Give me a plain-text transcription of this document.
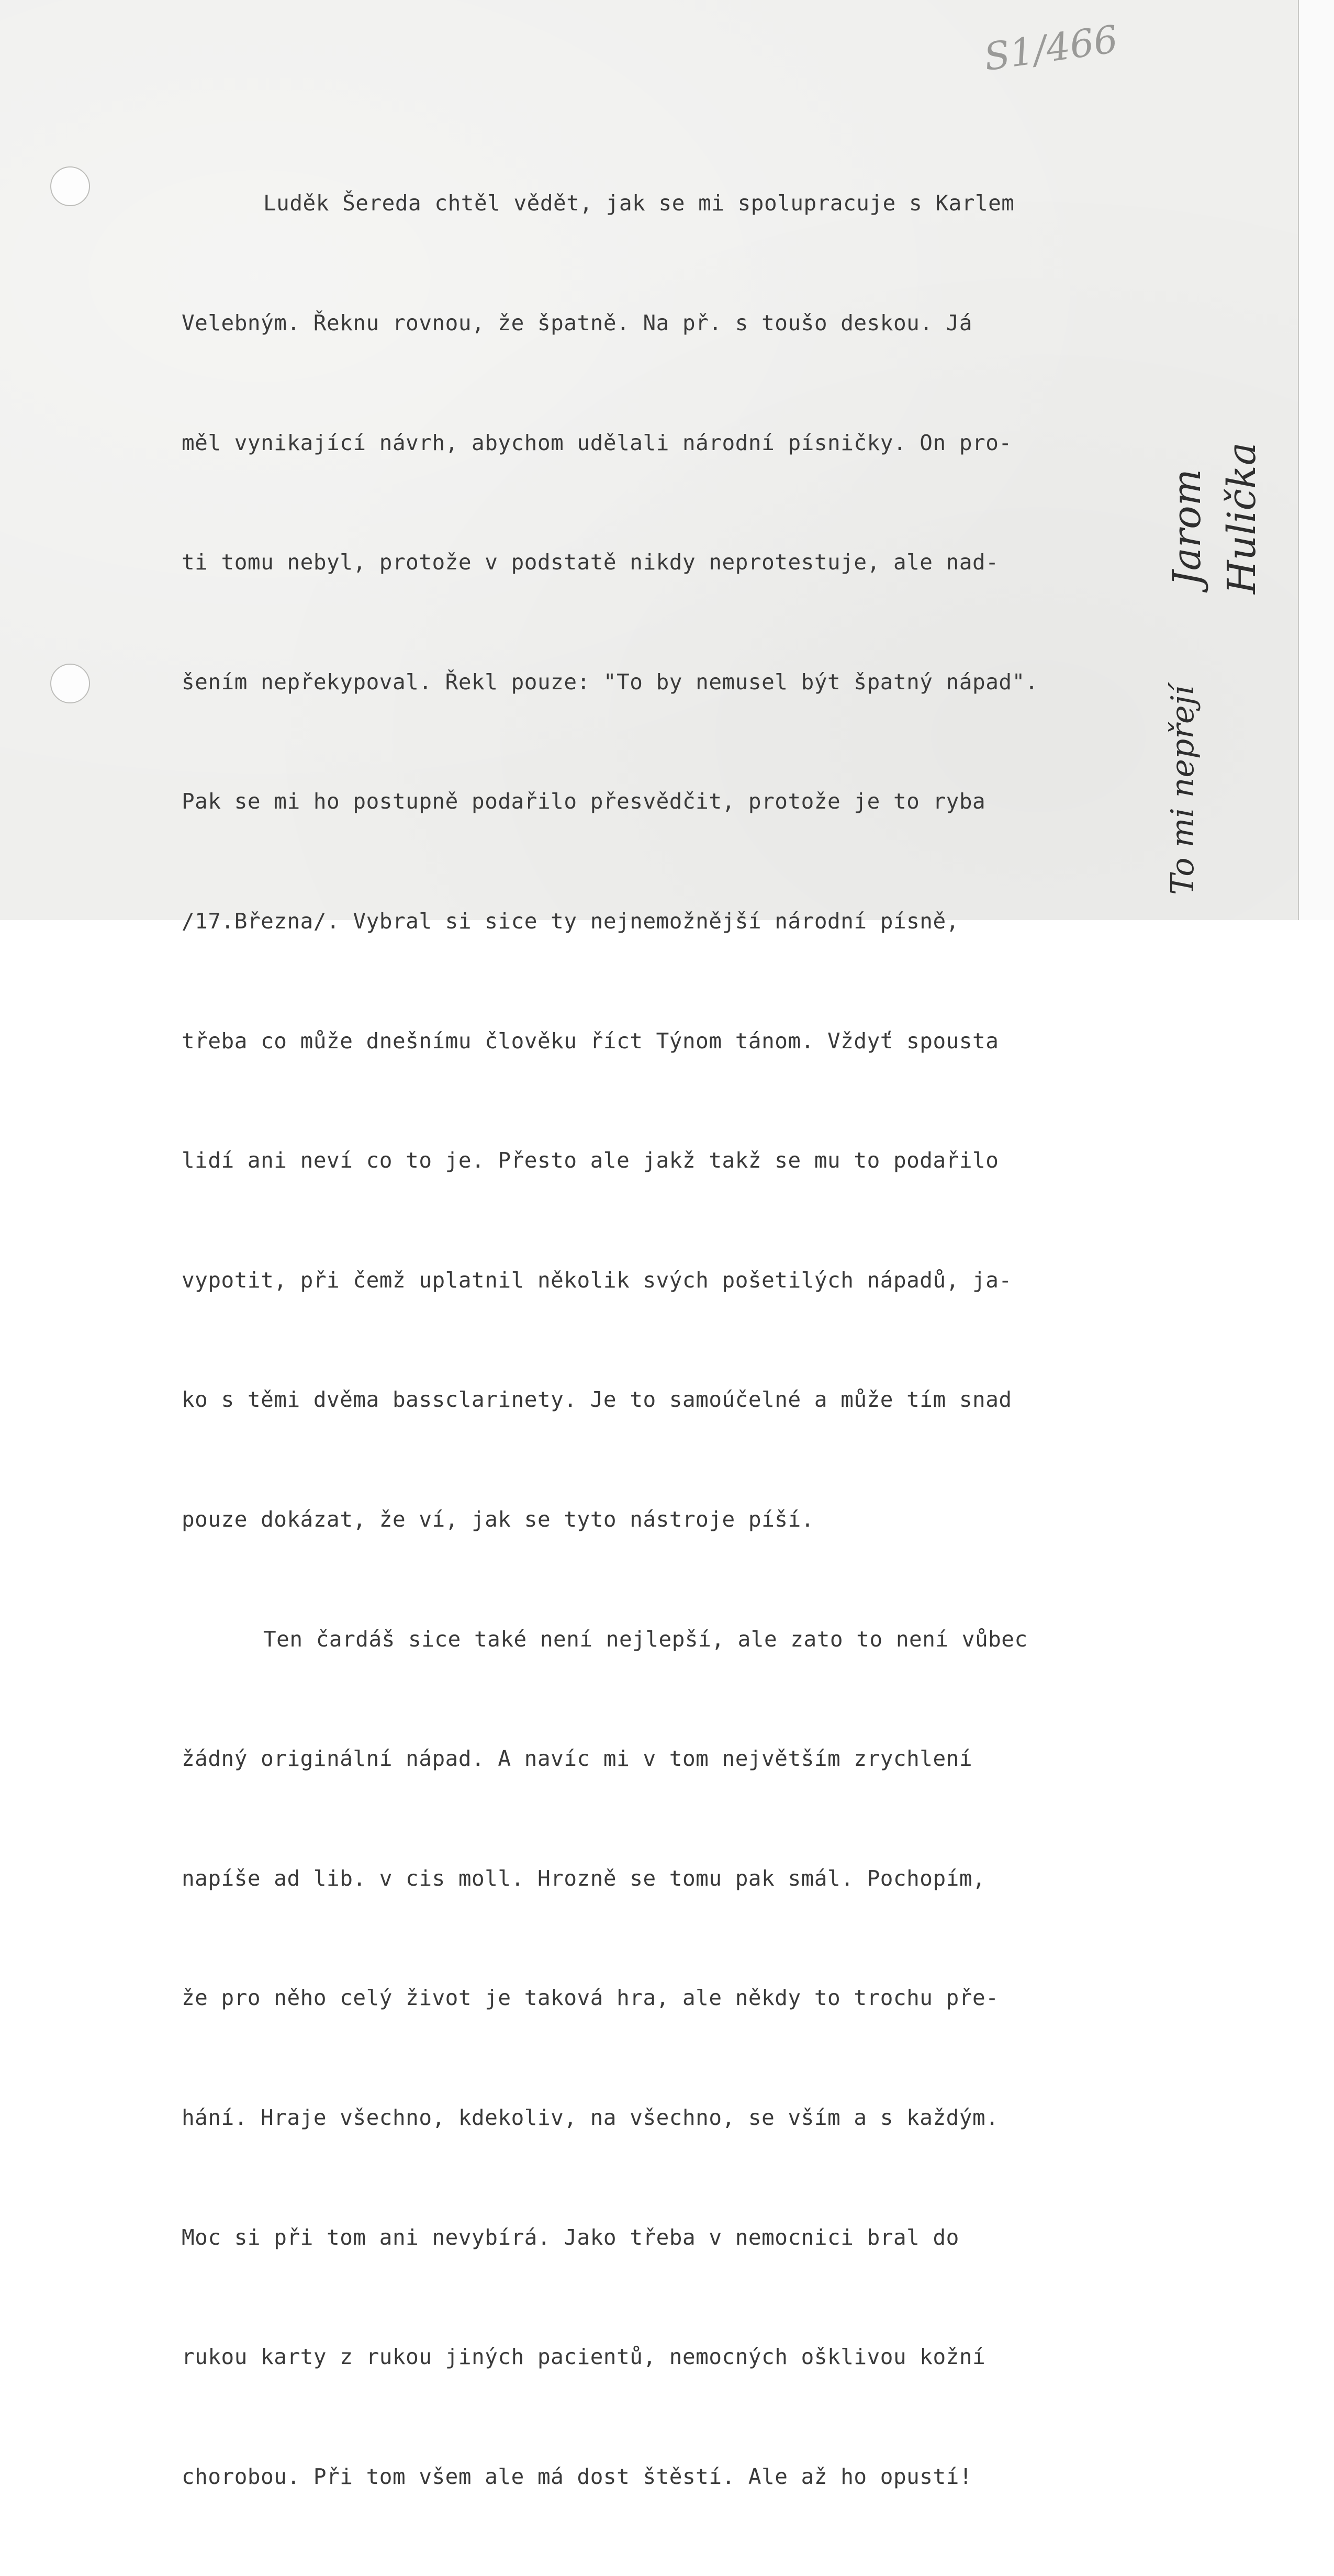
S1/466

Luděk Šereda chtěl vědět, jak se mi spolupracuje s Karlem

Velebným. Řeknu rovnou, že špatně. Na př. s toušo deskou. Já

měl vynikající návrh, abychom udělali národní písničky. On pro-

ti tomu nebyl, protože v podstatě nikdy neprotestuje, ale nad-

šením nepřekypoval. Řekl pouze: "To by nemusel být špatný nápad".

Pak se mi ho postupně podařilo přesvědčit, protože je to ryba

/17.Března/. Vybral si sice ty nejnemožnější národní písně,

třeba co může dnešnímu člověku říct Týnom tánom. Vždyť spousta

lidí ani neví co to je. Přesto ale jakž takž se mu to podařilo

vypotit, při čemž uplatnil několik svých pošetilých nápadů, ja-

ko s těmi dvěma bassclarinety. Je to samoúčelné a může tím snad

pouze dokázat, že ví, jak se tyto nástroje píší.

Ten čardáš sice také není nejlepší, ale zato to není vůbec

žádný originální nápad. A navíc mi v tom největším zrychlení

napíše ad lib. v cis moll. Hrozně se tomu pak smál. Pochopím,

že pro něho celý život je taková hra, ale někdy to trochu pře-

hání. Hraje všechno, kdekoliv, na všechno, se vším a s každým.

Moc si při tom ani nevybírá. Jako třeba v nemocnici bral do

rukou karty z rukou jiných pacientů, nemocných ošklivou kožní

chorobou. Při tom všem ale má dost štěstí. Ale až ho opustí!

Hulička
Jarom
To mi nepřejí
